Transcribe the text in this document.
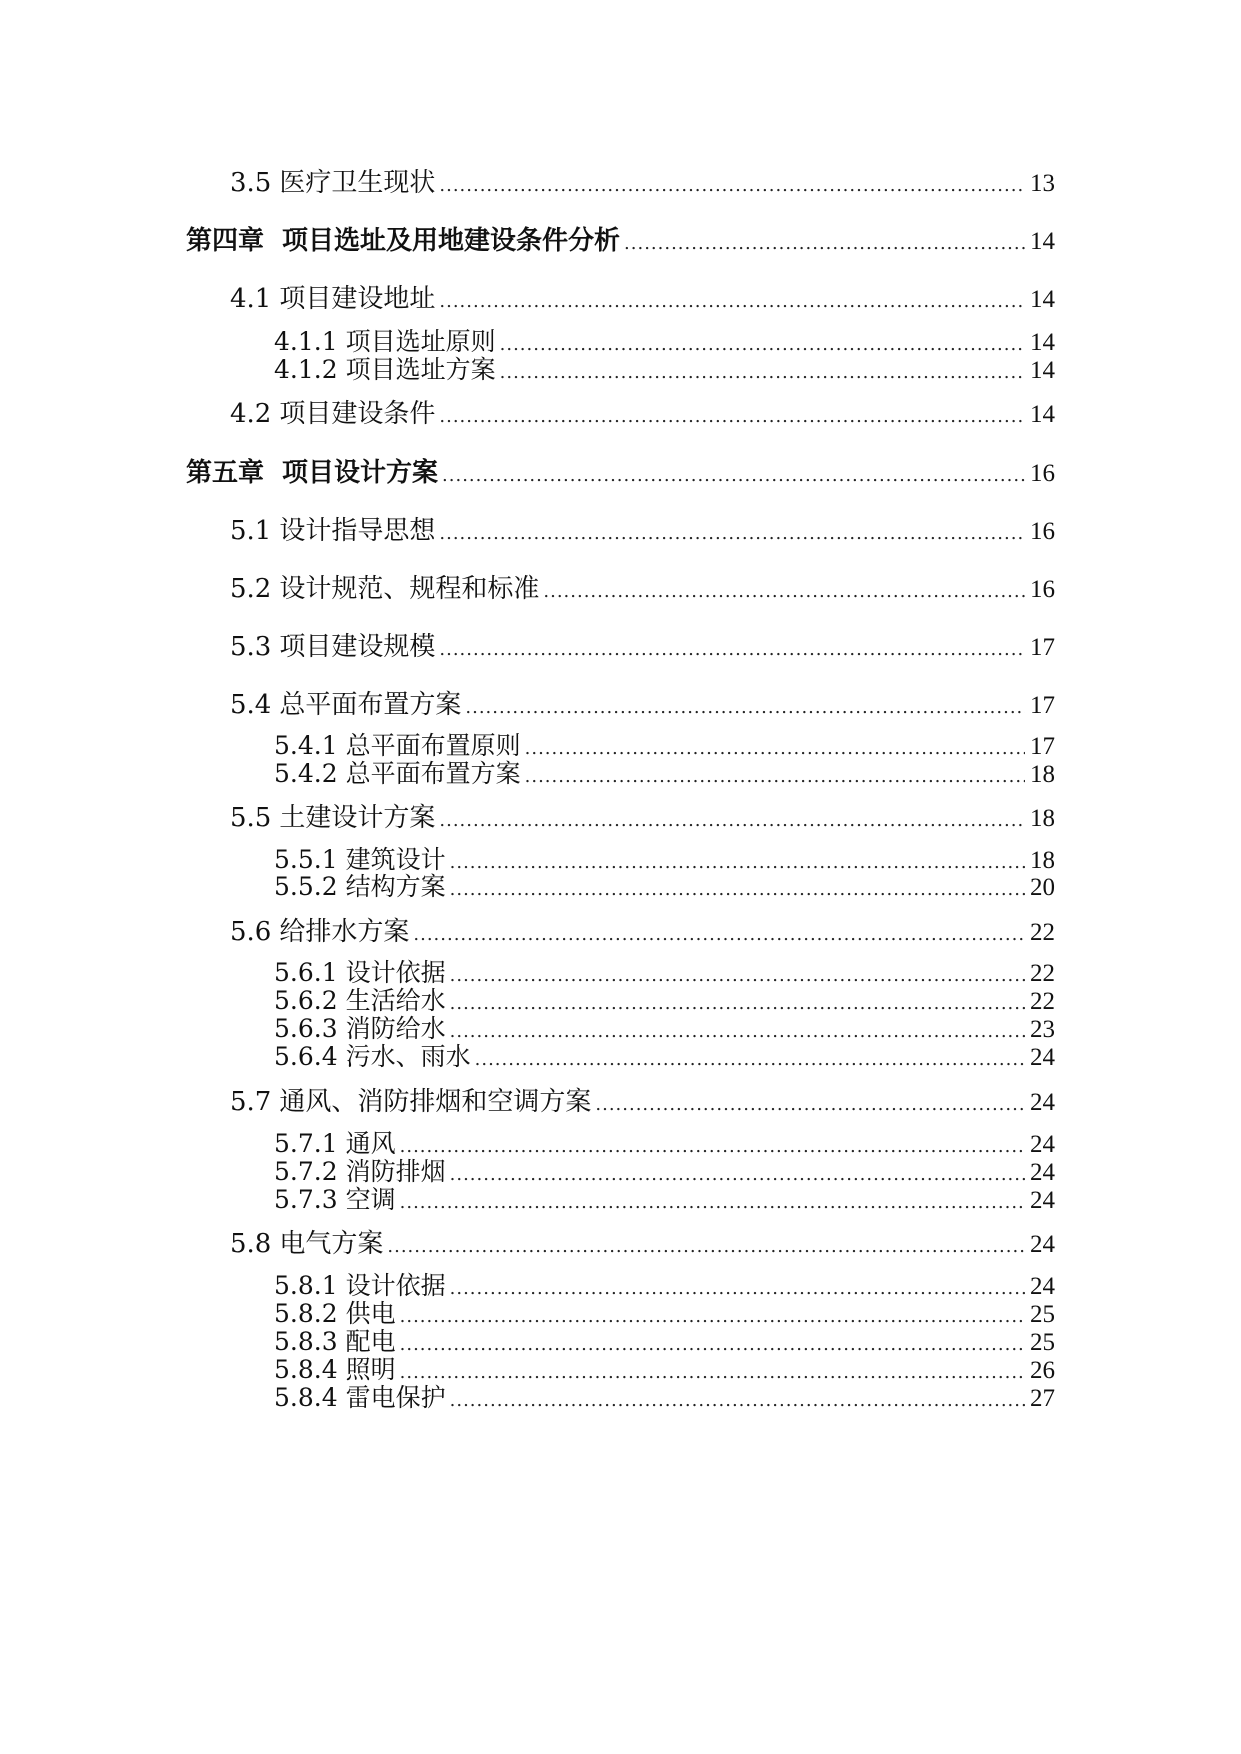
3.5 医疗卫生现状 .....	13
第四章 项目选址及用地建设条件分析 .....	14
4.1 项目建设地址 .....	14
4.1.1 项目选址原则 .....	14
4.1.2 项目选址方案 .....	14
4.2 项目建设条件 .....	14
第五章 项目设计方案 .....	16
5.1 设计指导思想 .....	16
5.2 设计规范、规程和标准 .....	16
5.3 项目建设规模 .....	17
5.4 总平面布置方案 .....	17
5.4.1 总平面布置原则 .....	17
5.4.2 总平面布置方案 .....	18
5.5 土建设计方案 .....	18
5.5.1 建筑设计 .....	18
5.5.2 结构方案 .....	20
5.6 给排水方案 .....	22
5.6.1 设计依据 .....	22
5.6.2 生活给水 .....	22
5.6.3 消防给水 .....	23
5.6.4 污水、雨水 .....	24
5.7 通风、消防排烟和空调方案 .....	24
5.7.1 通风 .....	24
5.7.2 消防排烟 .....	24
5.7.3 空调 .....	24
5.8 电气方案 .....	24
5.8.1 设计依据 .....	24
5.8.2 供电 .....	25
5.8.3 配电 .....	25
5.8.4 照明 .....	26
5.8.4 雷电保护 .....	27
